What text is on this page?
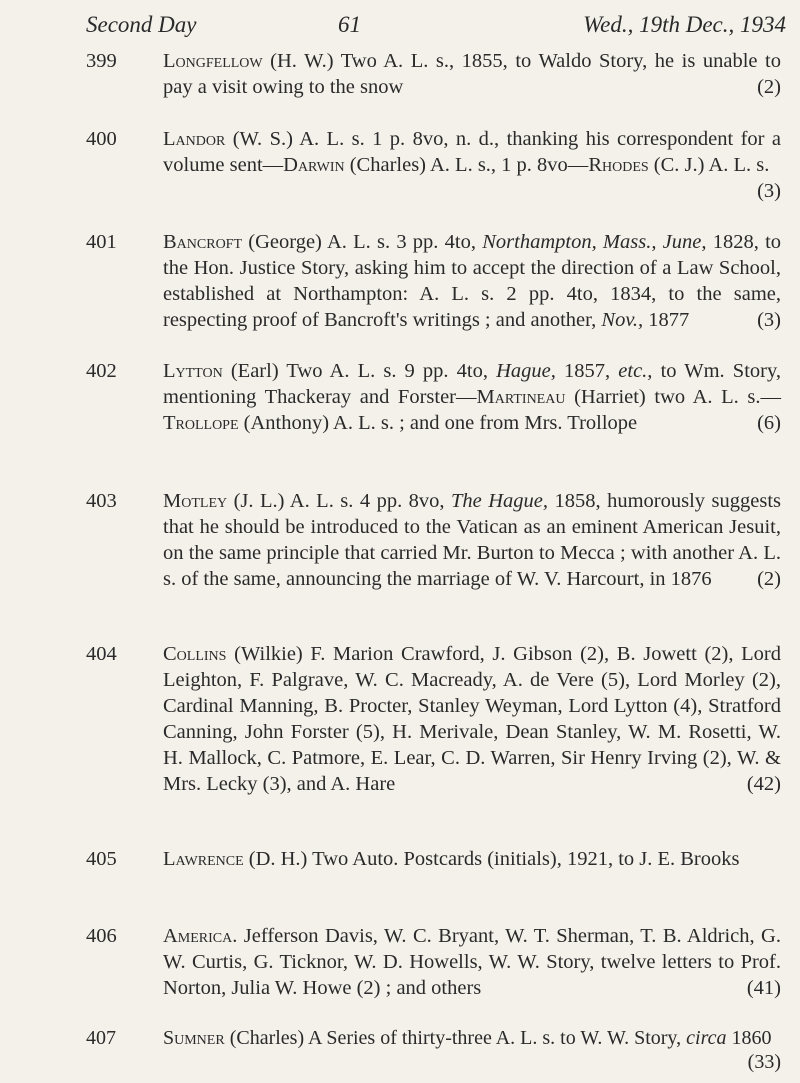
Second Day	61	Wed., 19th Dec., 1934
399	Longfellow (H. W.) Two A. L. s., 1855, to Waldo Story, he is unable to pay a visit owing to the snow	(2)
400	Landor (W. S.) A. L. s. 1 p. 8vo, n. d., thanking his correspondent for a volume sent—Darwin (Charles) A. L. s., 1 p. 8vo—Rhodes (C. J.) A. L. s.
(3)
401	Bancroft (George) A. L. s. 3 pp. 4to, Northampton, Mass., June, 1828, to the Hon. Justice Story, asking him to accept the direction of a Law School, established at Northampton: A. L. s. 2 pp. 4to, 1834, to the same, respecting proof of Bancroft's writings ; and another, Nov., 1877	(3)
402	Lytton (Earl) Two A. L. s. 9 pp. 4to, Hague, 1857, etc., to Wm. Story, mentioning Thackeray and Forster—Martineau (Harriet) two A. L. s.—Trollope (Anthony) A. L. s. ; and one from Mrs. Trollope	(6)
403	Motley (J. L.) A. L. s. 4 pp. 8vo, The Hague, 1858, humorously suggests that he should be introduced to the Vatican as an eminent American Jesuit, on the same principle that carried Mr. Burton to Mecca ; with another A. L. s. of the same, announcing the marriage of W. V. Harcourt, in 1876 (2)
404	Collins (Wilkie) F. Marion Crawford, J. Gibson (2), B. Jowett (2), Lord Leighton, F. Palgrave, W. C. Macready, A. de Vere (5), Lord Morley (2), Cardinal Manning, B. Procter, Stanley Weyman, Lord Lytton (4), Stratford Canning, John Forster (5), H. Merivale, Dean Stanley, W. M. Rosetti, W. H. Mallock, C. Patmore, E. Lear, C. D. Warren, Sir Henry Irving (2), W. & Mrs. Lecky (3), and A. Hare	(42)
405	Lawrence (D. H.) Two Auto. Postcards (initials), 1921, to J. E. Brooks
406	America. Jefferson Davis, W. C. Bryant, W. T. Sherman, T. B. Aldrich, G. W. Curtis, G. Ticknor, W. D. Howells, W. W. Story, twelve letters to Prof. Norton, Julia W. Howe (2) ; and others	(41)
407	Sumner (Charles) A Series of thirty-three A. L. s. to W. W. Story, circa 1860
(33)
